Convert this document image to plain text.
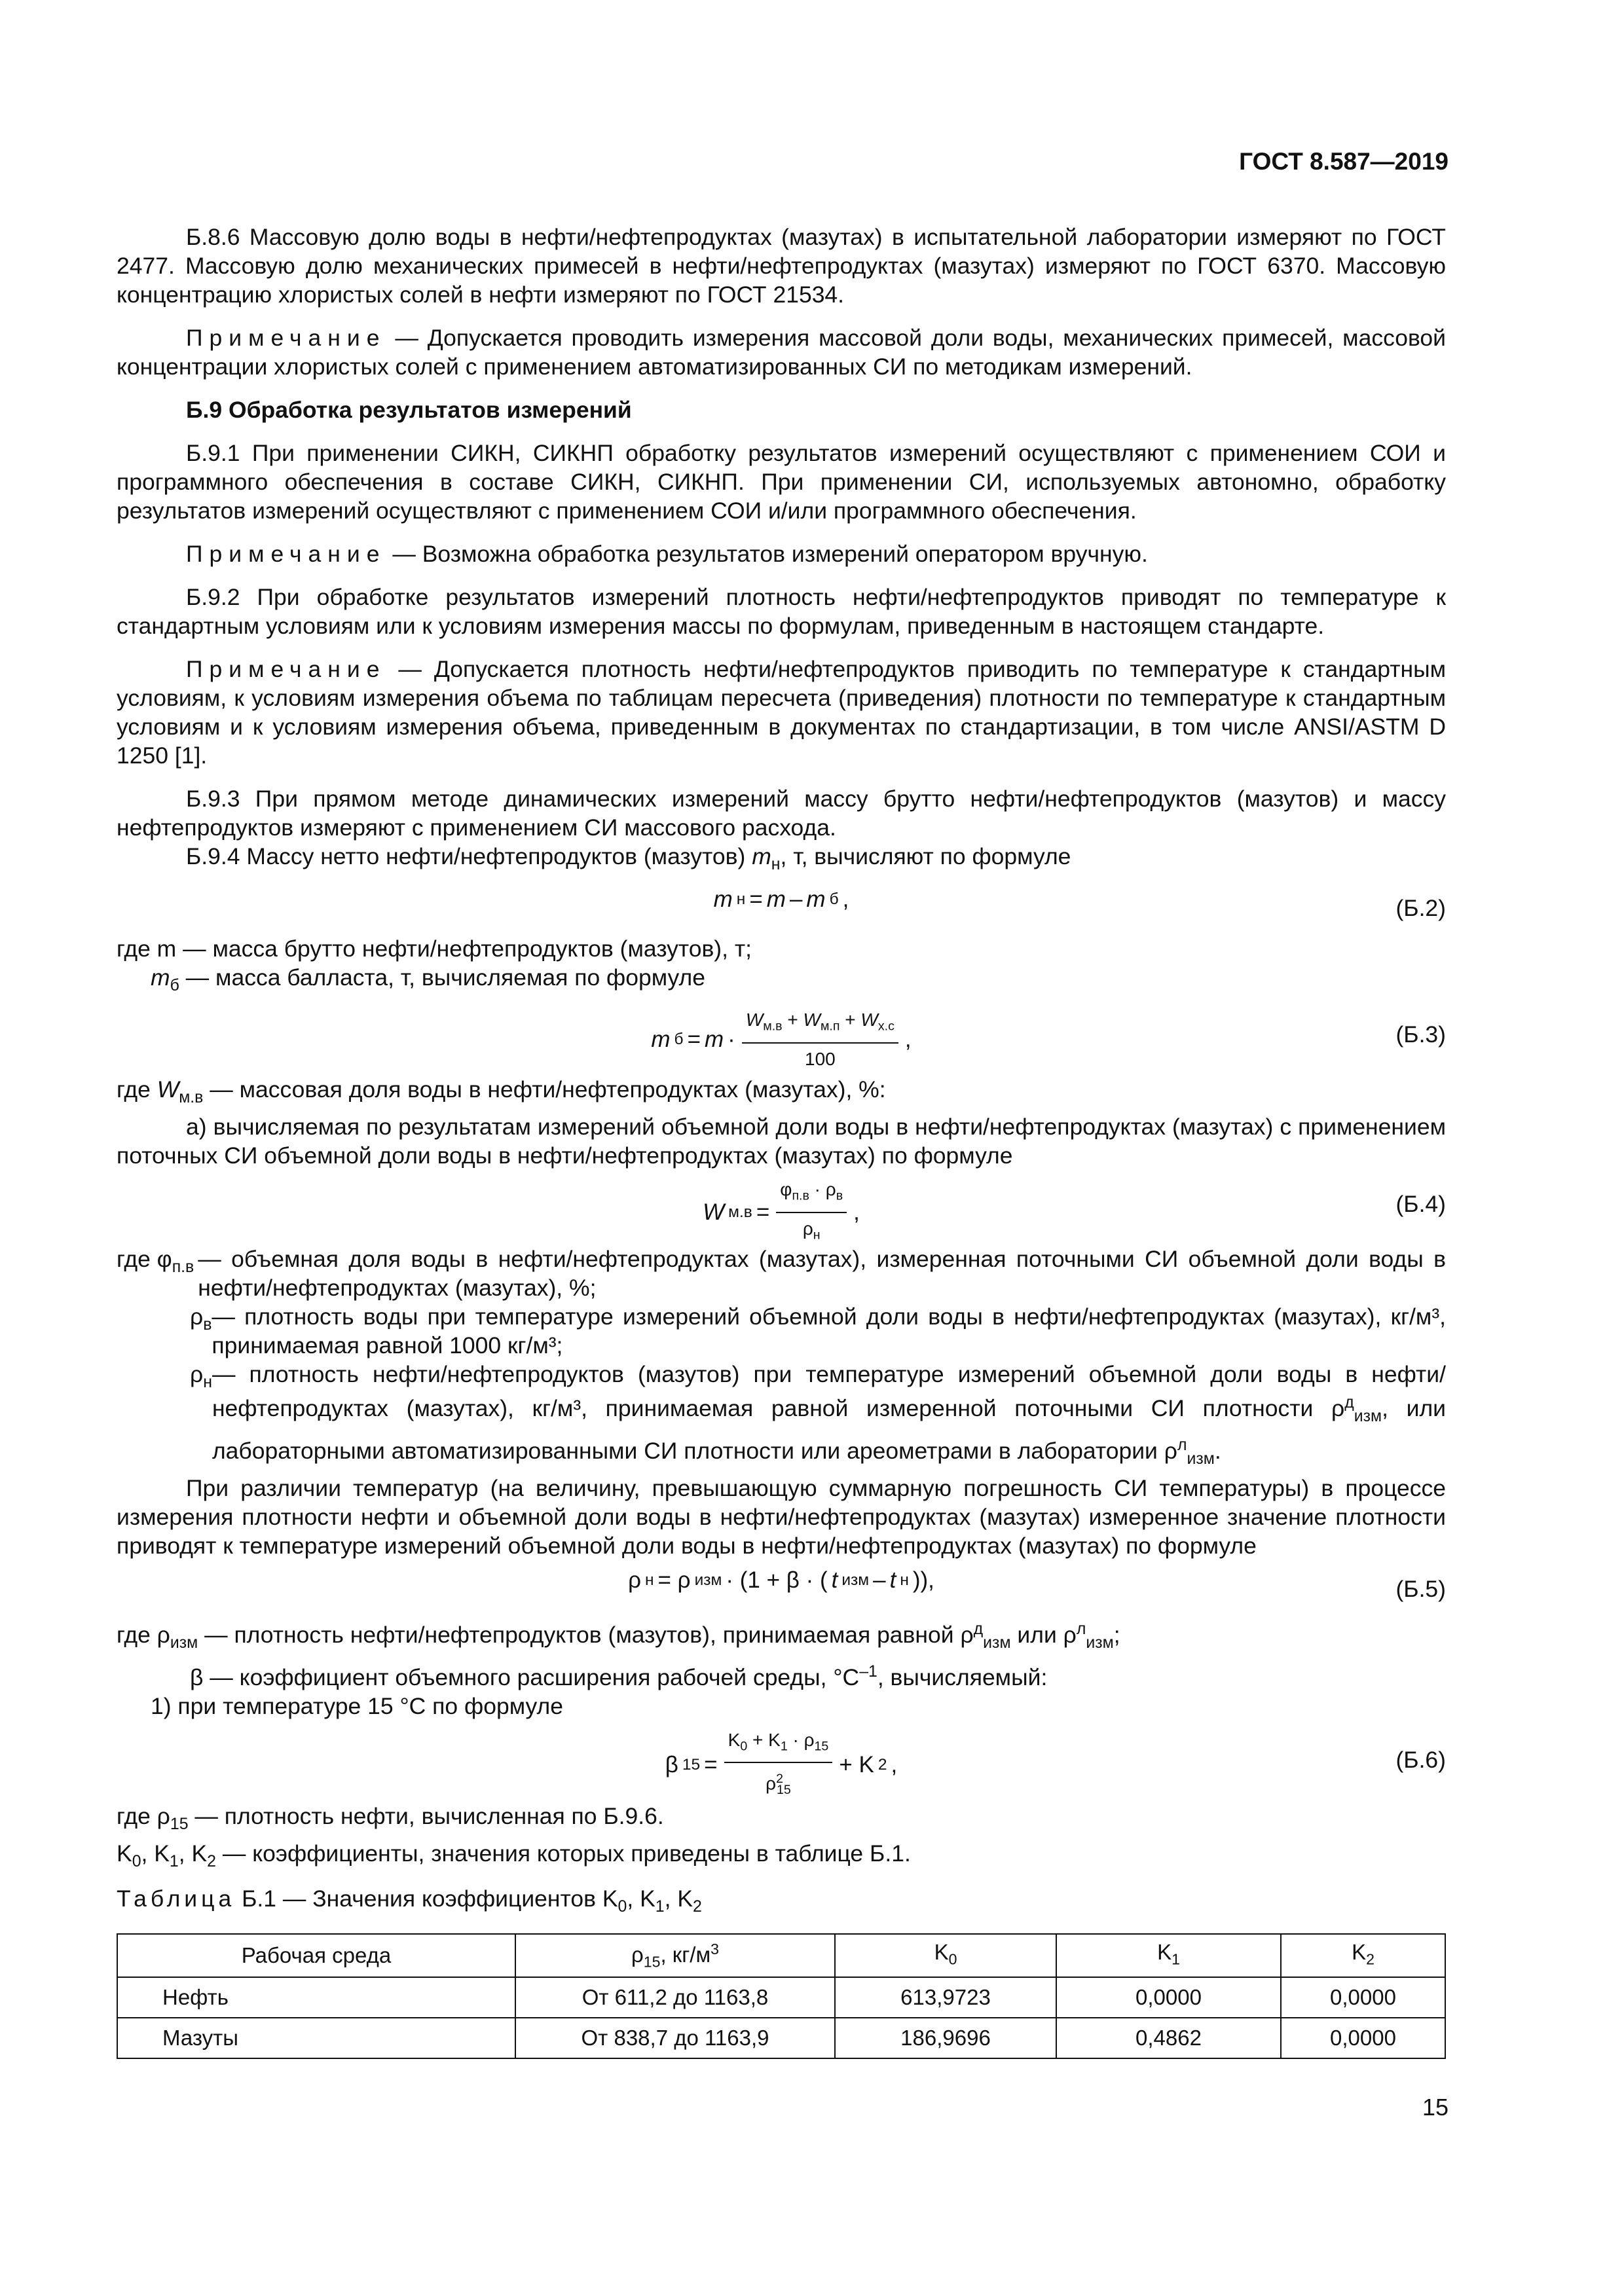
ГОСТ 8.587—2019

Б.8.6 Массовую долю воды в нефти/нефтепродуктах (мазутах) в испытательной лаборатории измеряют по ГОСТ 2477. Массовую долю механических примесей в нефти/нефтепродуктах (мазутах) измеряют по ГОСТ 6370. Массовую концентрацию хлористых солей в нефти измеряют по ГОСТ 21534.

Примечание — Допускается проводить измерения массовой доли воды, механических примесей, массовой концентрации хлористых солей с применением автоматизированных СИ по методикам измерений.

Б.9 Обработка результатов измерений

Б.9.1 При применении СИКН, СИКНП обработку результатов измерений осуществляют с применением СОИ и программного обеспечения в составе СИКН, СИКНП. При применении СИ, используемых автономно, обработку результатов измерений осуществляют с применением СОИ и/или программного обеспечения.

Примечание — Возможна обработка результатов измерений оператором вручную.

Б.9.2 При обработке результатов измерений плотность нефти/нефтепродуктов приводят по температуре к стандартным условиям или к условиям измерения массы по формулам, приведенным в настоящем стандарте.

Примечание — Допускается плотность нефти/нефтепродуктов приводить по температуре к стандартным условиям, к условиям измерения объема по таблицам пересчета (приведения) плотности по температуре к стандартным условиям и к условиям измерения объема, приведенным в документах по стандартизации, в том числе ANSI/ASTM D 1250 [1].

Б.9.3 При прямом методе динамических измерений массу брутто нефти/нефтепродуктов (мазутов) и массу нефтепродуктов измеряют с применением СИ массового расхода.

Б.9.4 Массу нетто нефти/нефтепродуктов (мазутов) $m_н$, т, вычисляют по формуле

m н = m – m б ,	(Б.2)

где m — масса брутто нефти/нефтепродуктов (мазутов), т;

$m_б$ — масса балласта, т, вычисляемая по формуле

m $б = m \cdot \frac{W_{м.в} + W_{м.п} + W_{х.с}}{100}$ ,	(Б.3)

где $W_{м.в}$ — массовая доля воды в нефти/нефтепродуктах (мазутах), %:

а) вычисляемая по результатам измерений объемной доли воды в нефти/нефтепродуктах (мазутах) с применением поточных СИ объемной доли воды в нефти/нефтепродуктах (мазутах) по формуле

W $м.в = \frac{\varphi_{п.в} \cdot \rho_в}{\rho_н}$ ,	(Б.4)
где $\varphi_{п.в}$ — объемная доля воды в нефти/нефтепродуктах (мазутах), измеренная поточными СИ объемной доли воды в нефти/нефтепродуктах (мазутах), %;
$\rho_в$ — плотность воды при температуре измерений объемной доли воды в нефти/нефтепродуктах (мазутах), кг/м³, принимаемая равной 1000 кг/м³;
$\rho_н$ — плотность нефти/нефтепродуктов (мазутов) при температуре измерений объемной доли воды в нефти/нефтепродуктах (мазутах), кг/м³, принимаемая равной измеренной поточными СИ плотности $\rho^д_{изм}$, или лабораторными автоматизированными СИ плотности или ареометрами в лаборатории $\rho^л_{изм}$.

При различии температур (на величину, превышающую суммарную погрешность СИ температуры) в процессе измерения плотности нефти и объемной доли воды в нефти/нефтепродуктах (мазутах) измеренное значение плотности приводят к температуре измерений объемной доли воды в нефти/нефтепродуктах (мазутах) по формуле

ρ н = ρ изм · (1 + β · ( t изм – t н )),	(Б.5)

где $\rho_{изм}$ — плотность нефти/нефтепродуктов (мазутов), принимаемая равной $\rho^д_{изм}$ или $\rho^л_{изм}$;

β — коэффициент объемного расширения рабочей среды, $^\circ C^{-1}$, вычисляемый:

1) при температуре 15 °C по формуле

β $15 = \frac{K_0 + K_1 \cdot \rho_{15}}{\rho^2_{15}} + K$ 2 ,	(Б.6)

где $\rho_{15}$ — плотность нефти, вычисленная по Б.9.6.

$K_0$, $K_1$, $K_2$ — коэффициенты, значения которых приведены в таблице Б.1.

Таблица Б.1 — Значения коэффициентов $K_0$, $K_1$, $K_2$

Рабочая среда	$\rho_{15}$, $кг/м^3$	$K_0$	$K_1$	$K_2$
Нефть	От 611,2 до 1163,8	613,9723	0,0000	0,0000
Мазуты	От 838,7 до 1163,9	186,9696	0,4862	0,0000
15
